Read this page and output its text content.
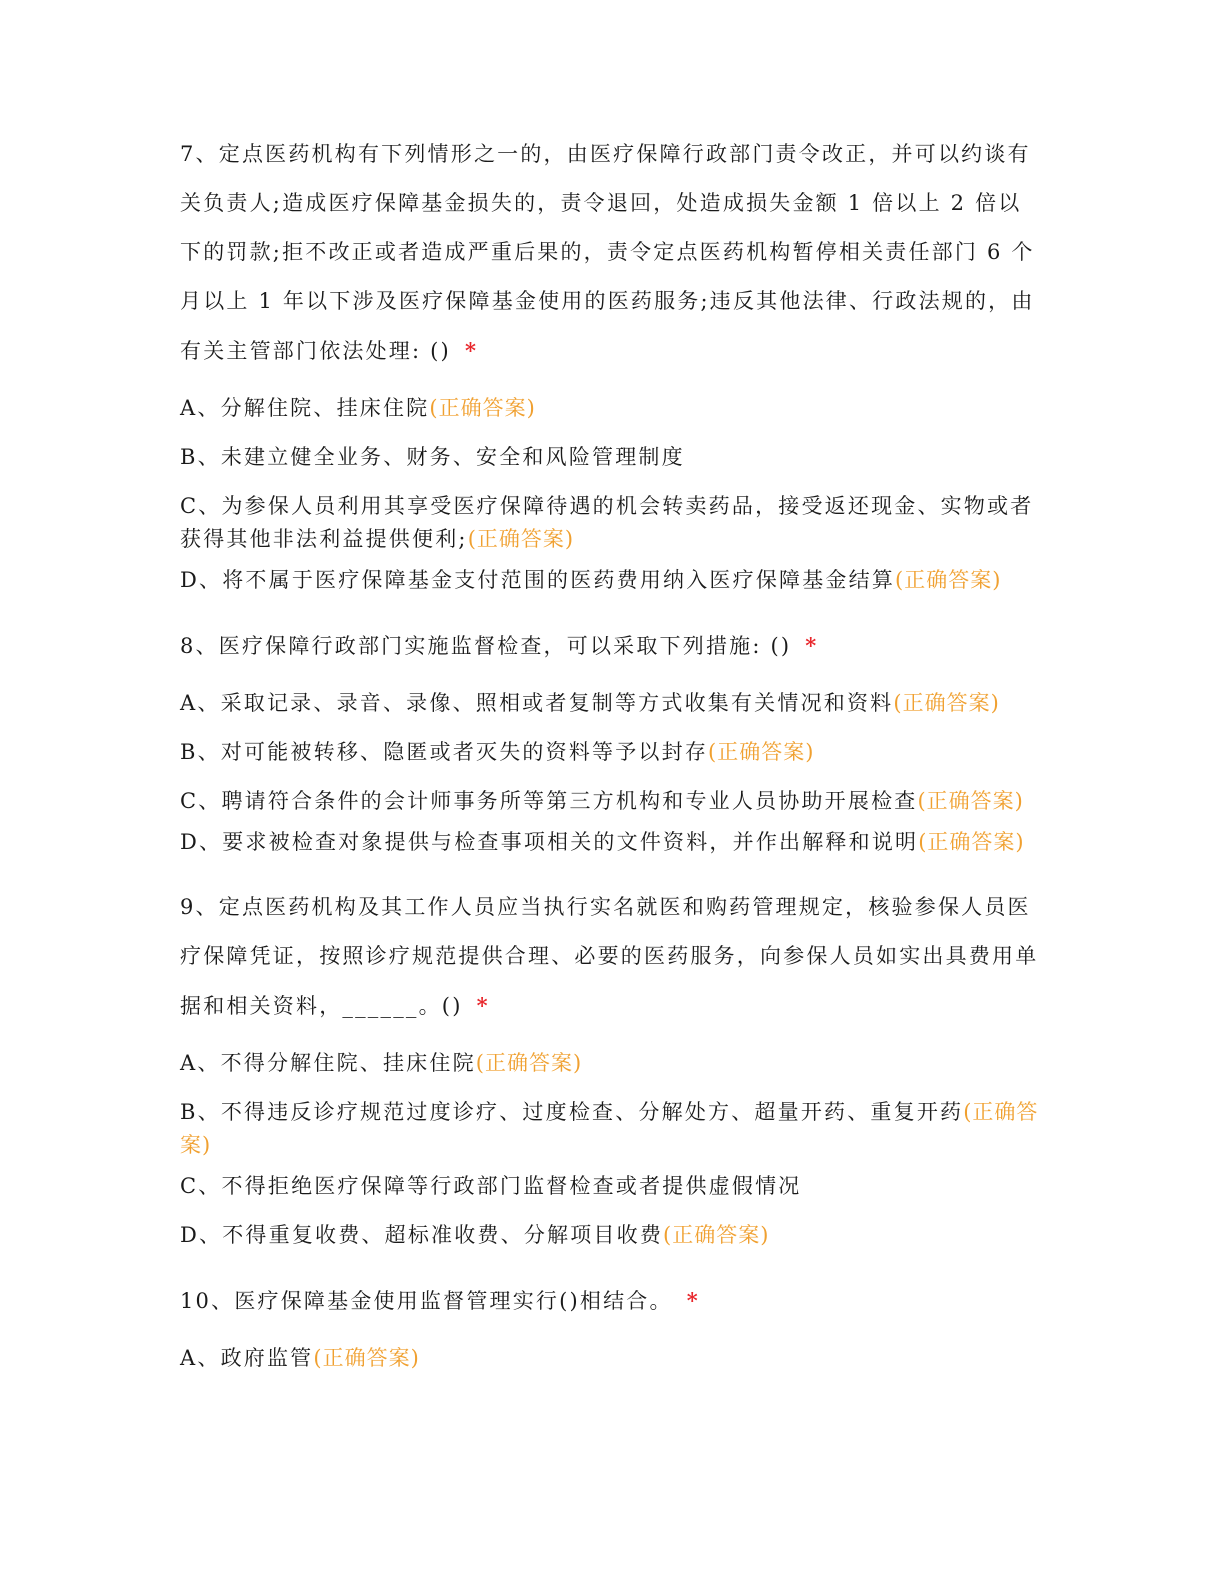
7、定点医药机构有下列情形之一的，由医疗保障行政部门责令改正，并可以约谈有关负责人;造成医疗保障基金损失的，责令退回，处造成损失金额 1 倍以上 2 倍以下的罚款;拒不改正或者造成严重后果的，责令定点医药机构暂停相关责任部门 6 个月以上 1 年以下涉及医疗保障基金使用的医药服务;违反其他法律、行政法规的，由有关主管部门依法处理: () *

A、分解住院、挂床住院(正确答案)

B、未建立健全业务、财务、安全和风险管理制度

C、为参保人员利用其享受医疗保障待遇的机会转卖药品，接受返还现金、实物或者获得其他非法利益提供便利;(正确答案)

D、将不属于医疗保障基金支付范围的医药费用纳入医疗保障基金结算(正确答案)

8、医疗保障行政部门实施监督检查，可以采取下列措施: () *

A、采取记录、录音、录像、照相或者复制等方式收集有关情况和资料(正确答案)

B、对可能被转移、隐匿或者灭失的资料等予以封存(正确答案)

C、聘请符合条件的会计师事务所等第三方机构和专业人员协助开展检查(正确答案)

D、要求被检查对象提供与检查事项相关的文件资料，并作出解释和说明(正确答案)

9、定点医药机构及其工作人员应当执行实名就医和购药管理规定，核验参保人员医疗保障凭证，按照诊疗规范提供合理、必要的医药服务，向参保人员如实出具费用单据和相关资料，______。() *

A、不得分解住院、挂床住院(正确答案)

B、不得违反诊疗规范过度诊疗、过度检查、分解处方、超量开药、重复开药(正确答案)

C、不得拒绝医疗保障等行政部门监督检查或者提供虚假情况

D、不得重复收费、超标准收费、分解项目收费(正确答案)

10、医疗保障基金使用监督管理实行()相结合。 *

A、政府监管(正确答案)
